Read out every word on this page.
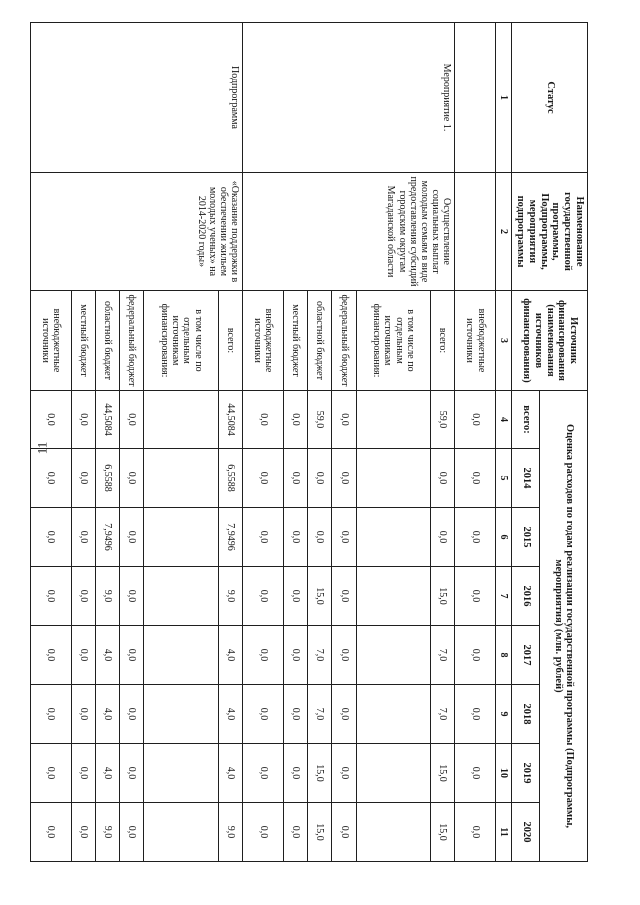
11
Статус	Наименование государственной программы, Подпрограммы, мероприятия подпрограммы	Источник финансирования (наименования источников финансирования)	Оценка расходов по годам реализации государственной программы (Подпрограммы, мероприятия) (млн. рублей)							
			всего:	2014	2015	2016	2017	2018	2019	2020
1	2	3	4	5	6	7	8	9	10	11
		внебюджетные источники	0,0	0,0	0,0	0,0	0,0	0,0	0,0	0,0
Мероприятие 1.	Осуществление социальных выплат молодым семьям в виде предоставления субсидий городским округам Магаданской области	всего:	59,0	0,0	0,0	15,0	7,0	7,0	15,0	15,0
		в том числе по отдельным источникам финансирования:								
		федеральный бюджет	0,0	0,0	0,0	0,0	0,0	0,0	0,0	0,0
		областной бюджет	59,0	0,0	0,0	15,0	7,0	7,0	15,0	15,0
		местный бюджет	0,0	0,0	0,0	0,0	0,0	0,0	0,0	0,0
		внебюджетные источники	0,0	0,0	0,0	0,0	0,0	0,0	0,0	0,0
Подпрограмма	«Оказание поддержки в обеспечении жильем молодых ученых» на 2014-2020 годы»	всего:	44,5084	6,5588	7,9496	9,0	4,0	4,0	4,0	9,0
		в том числе по отдельным источникам финансирования:								
		федеральный бюджет	0,0	0,0	0,0	0,0	0,0	0,0	0,0	0,0
		областной бюджет	44,5084	6,5588	7,9496	9,0	4,0	4,0	4,0	9,0
		местный бюджет	0,0	0,0	0,0	0,0	0,0	0,0	0,0	0,0
		внебюджетные источники	0,0	0,0	0,0	0,0	0,0	0,0	0,0	0,0
